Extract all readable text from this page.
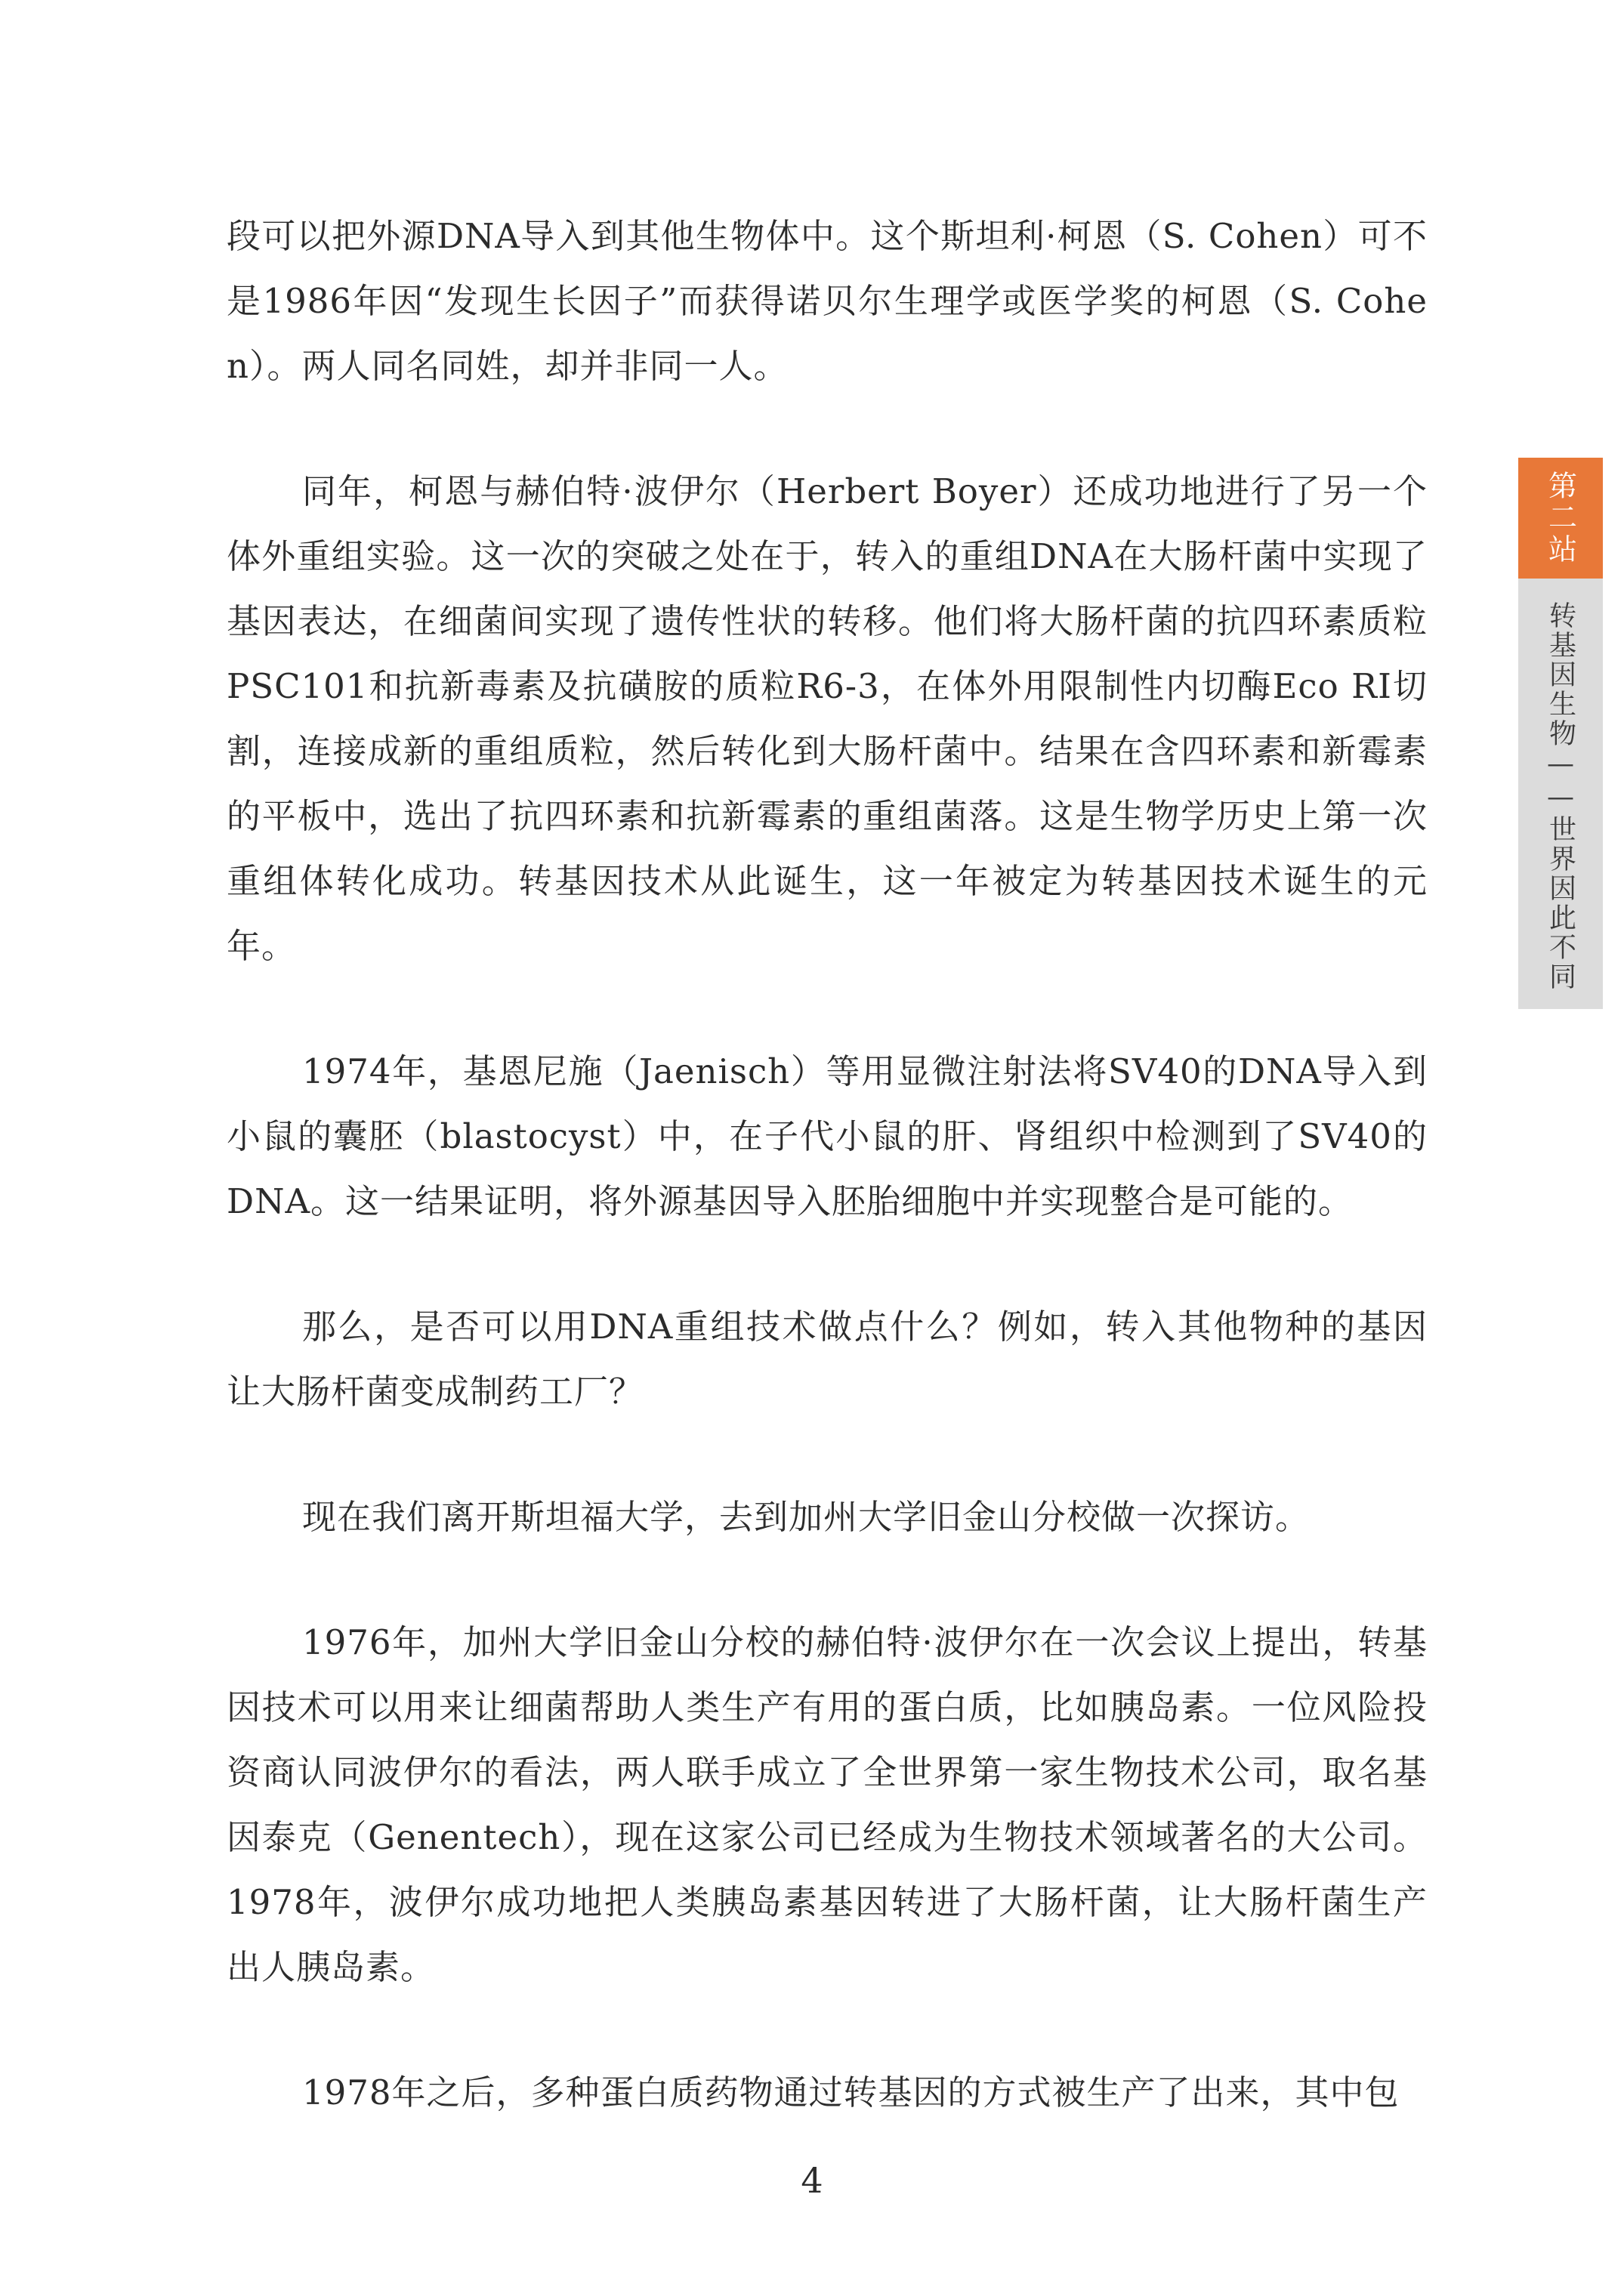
段可以把外源DNA导入到其他生物体中。这个斯坦利·柯恩（S. Cohen）可不是1986年因“发现生长因子”而获得诺贝尔生理学或医学奖的柯恩（S. Cohen）。两人同名同姓，却并非同一人。

同年，柯恩与赫伯特·波伊尔（Herbert Boyer）还成功地进行了另一个体外重组实验。这一次的突破之处在于，转入的重组DNA在大肠杆菌中实现了基因表达，在细菌间实现了遗传性状的转移。他们将大肠杆菌的抗四环素质粒PSC101和抗新毒素及抗磺胺的质粒R6-3，在体外用限制性内切酶Eco RI切割，连接成新的重组质粒，然后转化到大肠杆菌中。结果在含四环素和新霉素的平板中，选出了抗四环素和抗新霉素的重组菌落。这是生物学历史上第一次重组体转化成功。转基因技术从此诞生，这一年被定为转基因技术诞生的元年。

1974年，基恩尼施（Jaenisch）等用显微注射法将SV40的DNA导入到小鼠的囊胚（blastocyst）中，在子代小鼠的肝、肾组织中检测到了SV40的DNA。这一结果证明，将外源基因导入胚胎细胞中并实现整合是可能的。

那么，是否可以用DNA重组技术做点什么？例如，转入其他物种的基因让大肠杆菌变成制药工厂？

现在我们离开斯坦福大学，去到加州大学旧金山分校做一次探访。

1976年，加州大学旧金山分校的赫伯特·波伊尔在一次会议上提出，转基因技术可以用来让细菌帮助人类生产有用的蛋白质，比如胰岛素。一位风险投资商认同波伊尔的看法，两人联手成立了全世界第一家生物技术公司，取名基因泰克（Genentech），现在这家公司已经成为生物技术领域著名的大公司。1978年，波伊尔成功地把人类胰岛素基因转进了大肠杆菌，让大肠杆菌生产出人胰岛素。

1978年之后，多种蛋白质药物通过转基因的方式被生产了出来，其中包

第二站
转基因生物——世界因此不同
4
